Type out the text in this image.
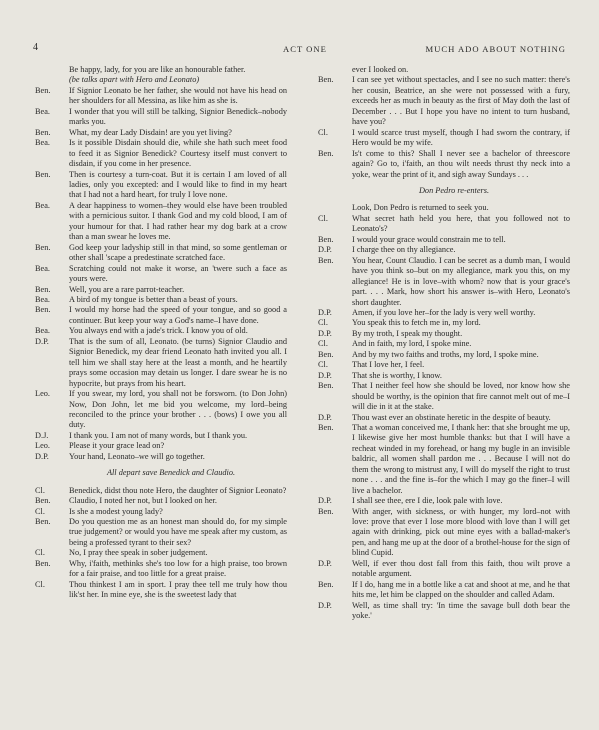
4	ACT ONE	MUCH ADO ABOUT NOTHING
Be happy, lady, for you are like an honourable father.
(be talks apart with Hero and Leonato)
Ben.	If Signior Leonato be her father, she would not have his head on her shoulders for all Messina, as like him as she is.
Bea.	I wonder that you will still be talking, Signior Benedick–nobody marks you.
Ben.	What, my dear Lady Disdain! are you yet living?
Bea.	Is it possible Disdain should die, while she hath such meet food to feed it as Signior Benedick? Courtesy itself must convert to disdain, if you come in her presence.
Ben.	Then is courtesy a turn-coat. But it is certain I am loved of all ladies, only you excepted: and I would like to find in my heart that I had not a hard heart, for truly I love none.
Bea.	A dear happiness to women–they would else have been troubled with a pernicious suitor. I thank God and my cold blood, I am of your humour for that. I had rather hear my dog bark at a crow than a man swear he loves me.
Ben.	God keep your ladyship still in that mind, so some gentleman or other shall 'scape a predestinate scratched face.
Bea.	Scratching could not make it worse, an 'twere such a face as yours were.
Ben.	Well, you are a rare parrot-teacher.
Bea.	A bird of my tongue is better than a beast of yours.
Ben.	I would my horse had the speed of your tongue, and so good a continuer. But keep your way a God's name–I have done.
Bea.	You always end with a jade's trick. I know you of old.
D.P.	That is the sum of all, Leonato. (be turns) Signior Claudio and Signior Benedick, my dear friend Leonato hath invited you all. I tell him we shall stay here at the least a month, and he heartily prays some occasion may detain us longer. I dare swear he is no hypocrite, but prays from his heart.
Leo.	If you swear, my lord, you shall not be forsworn. (to Don John) Now, Don John, let me bid you welcome, my lord–being reconciled to the prince your brother . . . (bows) I owe you all duty.
D.J.	I thank you. I am not of many words, but I thank you.
Leo.	Please it your grace lead on?
D.P.	Your hand, Leonato–we will go together.
All depart save Benedick and Claudio.
Cl.	Benedick, didst thou note Hero, the daughter of Signior Leonato?
Ben.	Claudio, I noted her not, but I looked on her.
Cl.	Is she a modest young lady?
Ben.	Do you question me as an honest man should do, for my simple true judgement? or would you have me speak after my custom, as being a professed tyrant to their sex?
Cl.	No, I pray thee speak in sober judgement.
Ben.	Why, i'faith, methinks she's too low for a high praise, too brown for a fair praise, and too little for a great praise.
Cl.	Thou thinkest I am in sport. I pray thee tell me truly how thou lik'st her. In mine eye, she is the sweetest lady that
ever I looked on.
Ben.	I can see yet without spectacles, and I see no such matter: there's her cousin, Beatrice, an she were not possessed with a fury, exceeds her as much in beauty as the first of May doth the last of December . . . But I hope you have no intent to turn husband, have you?
Cl.	I would scarce trust myself, though I had sworn the contrary, if Hero would be my wife.
Ben.	Is't come to this? Shall I never see a bachelor of threescore again? Go to, i'faith, an thou wilt needs thrust thy neck into a yoke, wear the print of it, and sigh away Sundays . . .
Don Pedro re-enters.
Look, Don Pedro is returned to seek you.
Cl.	What secret hath held you here, that you followed not to Leonato's?
Ben.	I would your grace would constrain me to tell.
D.P.	I charge thee on thy allegiance.
Ben.	You hear, Count Claudio. I can be secret as a dumb man, I would have you think so–but on my allegiance, mark you this, on my allegiance! He is in love–with whom? now that is your grace's part. . . . Mark, how short his answer is–with Hero, Leonato's short daughter.
D.P.	Amen, if you love her–for the lady is very well worthy.
Cl.	You speak this to fetch me in, my lord.
D.P.	By my troth, I speak my thought.
Cl.	And in faith, my lord, I spoke mine.
Ben.	And by my two faiths and troths, my lord, I spoke mine.
Cl.	That I love her, I feel.
D.P.	That she is worthy, I know.
Ben.	That I neither feel how she should be loved, nor know how she should be worthy, is the opinion that fire cannot melt out of me–I will die in it at the stake.
D.P.	Thou wast ever an obstinate heretic in the despite of beauty.
Ben.	That a woman conceived me, I thank her: that she brought me up, I likewise give her most humble thanks: but that I will have a recheat winded in my forehead, or hang my bugle in an invisible baldric, all women shall pardon me . . . Because I will not do them the wrong to mistrust any, I will do myself the right to trust none . . . and the fine is–for the which I may go the finer–I will live a bachelor.
D.P.	I shall see thee, ere I die, look pale with love.
Ben.	With anger, with sickness, or with hunger, my lord–not with love: prove that ever I lose more blood with love than I will get again with drinking, pick out mine eyes with a ballad-maker's pen, and hang me up at the door of a brothel-house for the sign of blind Cupid.
D.P.	Well, if ever thou dost fall from this faith, thou wilt prove a notable argument.
Ben.	If I do, hang me in a bottle like a cat and shoot at me, and he that hits me, let him be clapped on the shoulder and called Adam.
D.P.	Well, as time shall try: 'In time the savage bull doth bear the yoke.'
